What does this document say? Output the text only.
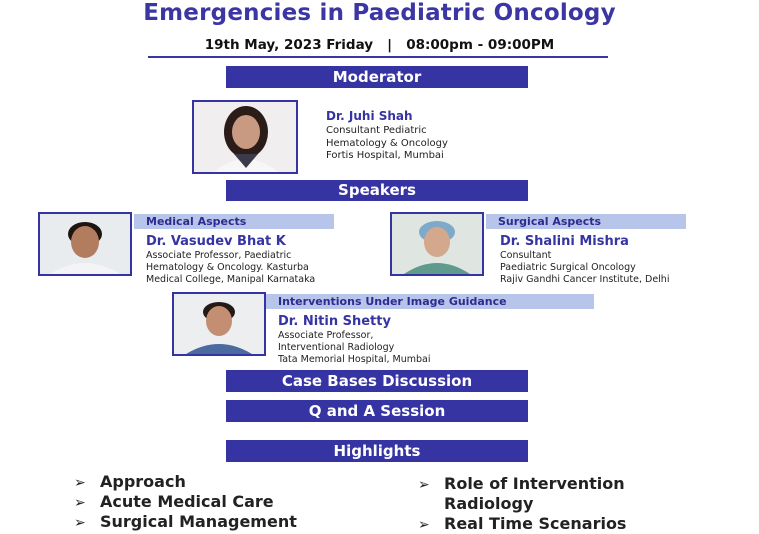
Emergencies in Paediatric Oncology
19th May, 2023 Friday   |   08:00pm - 09:00PM
Moderator
Dr. Juhi Shah
Consultant Pediatric
Hematology & Oncology
Fortis Hospital, Mumbai
Speakers
Medical Aspects
Dr. Vasudev Bhat K
Associate Professor, Paediatric
Hematology & Oncology. Kasturba
Medical College, Manipal Karnataka
Surgical Aspects
Dr. Shalini Mishra
Consultant
Paediatric Surgical Oncology
Rajiv Gandhi Cancer Institute, Delhi
Interventions Under Image Guidance
Dr. Nitin Shetty
Associate Professor,
Interventional Radiology
Tata Memorial Hospital, Mumbai
Case Bases Discussion
Q and A Session
Highlights
➢ Approach
➢ Acute Medical Care
➢ Surgical Management
➢ Role of Intervention
Radiology
➢ Real Time Scenarios
